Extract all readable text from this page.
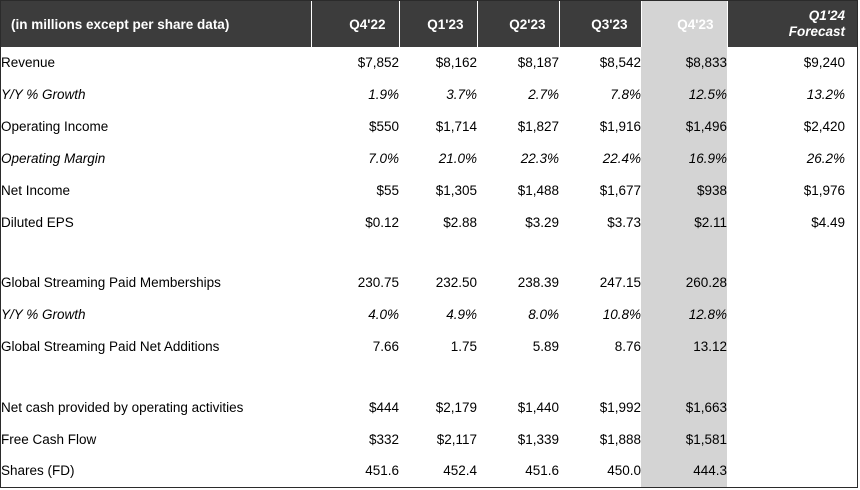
(in millions except per share data)	Q4'22	Q1'23	Q2'23	Q3'23	Q4'23	Q1'24
Forecast

Revenue	$7,852	$8,162	$8,187	$8,542	$8,833	$9,240
Y/Y % Growth	1.9%	3.7%	2.7%	7.8%	12.5%	13.2%
Operating Income	$550	$1,714	$1,827	$1,916	$1,496	$2,420
Operating Margin	7.0%	21.0%	22.3%	22.4%	16.9%	26.2%
Net Income	$55	$1,305	$1,488	$1,677	$938	$1,976
Diluted EPS	$0.12	$2.88	$3.29	$3.73	$2.11	$4.49

Global Streaming Paid Memberships	230.75	232.50	238.39	247.15	260.28	
Y/Y % Growth	4.0%	4.9%	8.0%	10.8%	12.8%	
Global Streaming Paid Net Additions	7.66	1.75	5.89	8.76	13.12	

Net cash provided by operating activities	$444	$2,179	$1,440	$1,992	$1,663	
Free Cash Flow	$332	$2,117	$1,339	$1,888	$1,581	
Shares (FD)	451.6	452.4	451.6	450.0	444.3	
